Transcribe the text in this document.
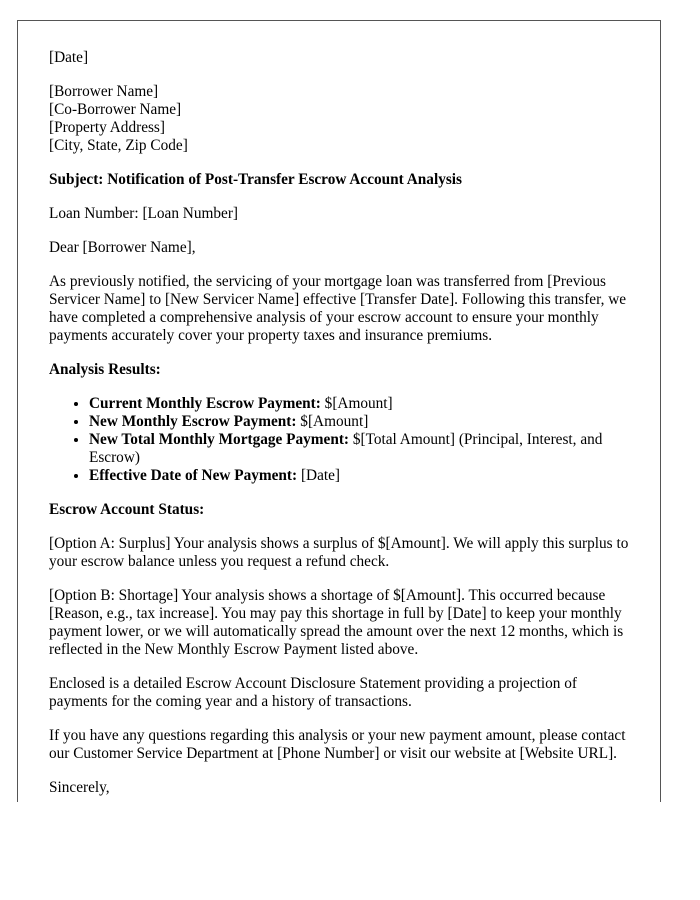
[Date]

[Borrower Name]
[Co-Borrower Name]
[Property Address]
[City, State, Zip Code]

Subject: Notification of Post-Transfer Escrow Account Analysis

Loan Number: [Loan Number]

Dear [Borrower Name],

As previously notified, the servicing of your mortgage loan was transferred from [Previous Servicer Name] to [New Servicer Name] effective [Transfer Date]. Following this transfer, we have completed a comprehensive analysis of your escrow account to ensure your monthly payments accurately cover your property taxes and insurance premiums.

Analysis Results:

• Current Monthly Escrow Payment: $[Amount]
• New Monthly Escrow Payment: $[Amount]
• New Total Monthly Mortgage Payment: $[Total Amount] (Principal, Interest, and Escrow)
• Effective Date of New Payment: [Date]

Escrow Account Status:

[Option A: Surplus] Your analysis shows a surplus of $[Amount]. We will apply this surplus to your escrow balance unless you request a refund check.

[Option B: Shortage] Your analysis shows a shortage of $[Amount]. This occurred because [Reason, e.g., tax increase]. You may pay this shortage in full by [Date] to keep your monthly payment lower, or we will automatically spread the amount over the next 12 months, which is reflected in the New Monthly Escrow Payment listed above.

Enclosed is a detailed Escrow Account Disclosure Statement providing a projection of payments for the coming year and a history of transactions.

If you have any questions regarding this analysis or your new payment amount, please contact our Customer Service Department at [Phone Number] or visit our website at [Website URL].

Sincerely,
